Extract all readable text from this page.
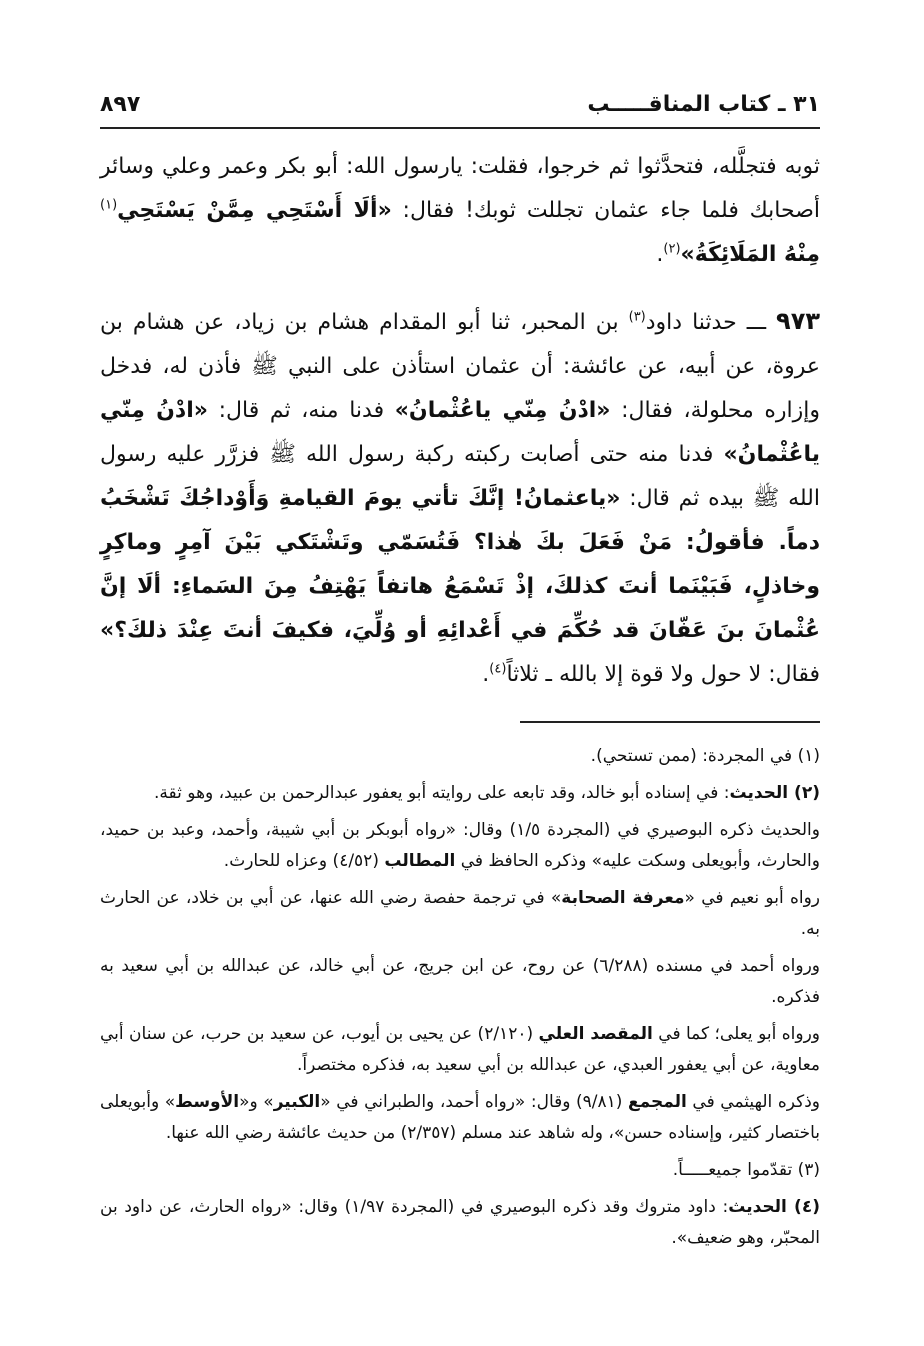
٣١ ـ كتاب المناقـــــب
٨٩٧

ثوبه فتجلَّله، فتحدَّثوا ثم خرجوا، فقلت: يارسول الله: أبو بكر وعمر وعلي وسائر أصحابك فلما جاء عثمان تجللت ثوبك! فقال: «ألَا أَسْتَحِي مِمَّنْ يَسْتَحِي$^{(١)}$ مِنْهُ المَلَائِكَةُ»$^{(٢)}$.

٩٧٣ ـــ حدثنا داود$^{(٣)}$ بن المحبر، ثنا أبو المقدام هشام بن زياد، عن هشام بن عروة، عن أبيه، عن عائشة: أن عثمان استأذن على النبي ﷺ فأذن له، فدخل وإزاره محلولة، فقال: «ادْنُ مِنّي ياعُثْمانُ» فدنا منه، ثم قال: «ادْنُ مِنّي ياعُثْمانُ» فدنا منه حتى أصابت ركبته ركبة رسول الله ﷺ فزرَّر عليه رسول الله ﷺ بيده ثم قال: «ياعثمانُ! إنَّكَ تأتي يومَ القيامةِ وَأَوْداجُكَ تَشْخَبُ دماً. فأقولُ: مَنْ فَعَلَ بكَ هٰذا؟ فَتُسَمّي وتَشْتَكي بَيْنَ آمِرٍ وماكِرٍ وخاذلٍ، فَبَيْنَما أنتَ كذلكَ، إذْ تَسْمَعُ هاتفاً يَهْتِفُ مِنَ السَماءِ: ألَا إنَّ عُثْمانَ بنَ عَفّانَ قد حُكِّمَ في أَعْدائِهِ أو وُلِّيَ، فكيفَ أنتَ عِنْدَ ذلكَ؟» فقال: لا حول ولا قوة إلا بالله ـ ثلاثاً$^{(٤)}$.

(١) في المجردة: (ممن تستحي).

(٢) الحديث: في إسناده أبو خالد، وقد تابعه على روايته أبو يعفور عبدالرحمن بن عبيد، وهو ثقة.

والحديث ذكره البوصيري في (المجردة ١/٥) وقال: «رواه أبوبكر بن أبي شيبة، وأحمد، وعبد بن حميد، والحارث، وأبويعلى وسكت عليه» وذكره الحافظ في المطالب (٤/٥٢) وعزاه للحارث.

رواه أبو نعيم في «معرفة الصحابة» في ترجمة حفصة رضي الله عنها، عن أبي بن خلاد، عن الحارث به.

ورواه أحمد في مسنده (٦/٢٨٨) عن روح، عن ابن جريج، عن أبي خالد، عن عبدالله بن أبي سعيد به فذكره.

ورواه أبو يعلى؛ كما في المقصد العلي (٢/١٢٠) عن يحيى بن أيوب، عن سعيد بن حرب، عن سنان أبي معاوية، عن أبي يعفور العبدي، عن عبدالله بن أبي سعيد به، فذكره مختصراً.

وذكره الهيثمي في المجمع (٩/٨١) وقال: «رواه أحمد، والطبراني في «الكبير» و«الأوسط» وأبويعلى باختصار كثير، وإسناده حسن»، وله شاهد عند مسلم (٢/٣٥٧) من حديث عائشة رضي الله عنها.

(٣) تقدّموا جميعـــــاً.

(٤) الحديث: داود متروك وقد ذكره البوصيري في (المجردة ١/٩٧) وقال: «رواه الحارث، عن داود بن المحبّر، وهو ضعيف».
